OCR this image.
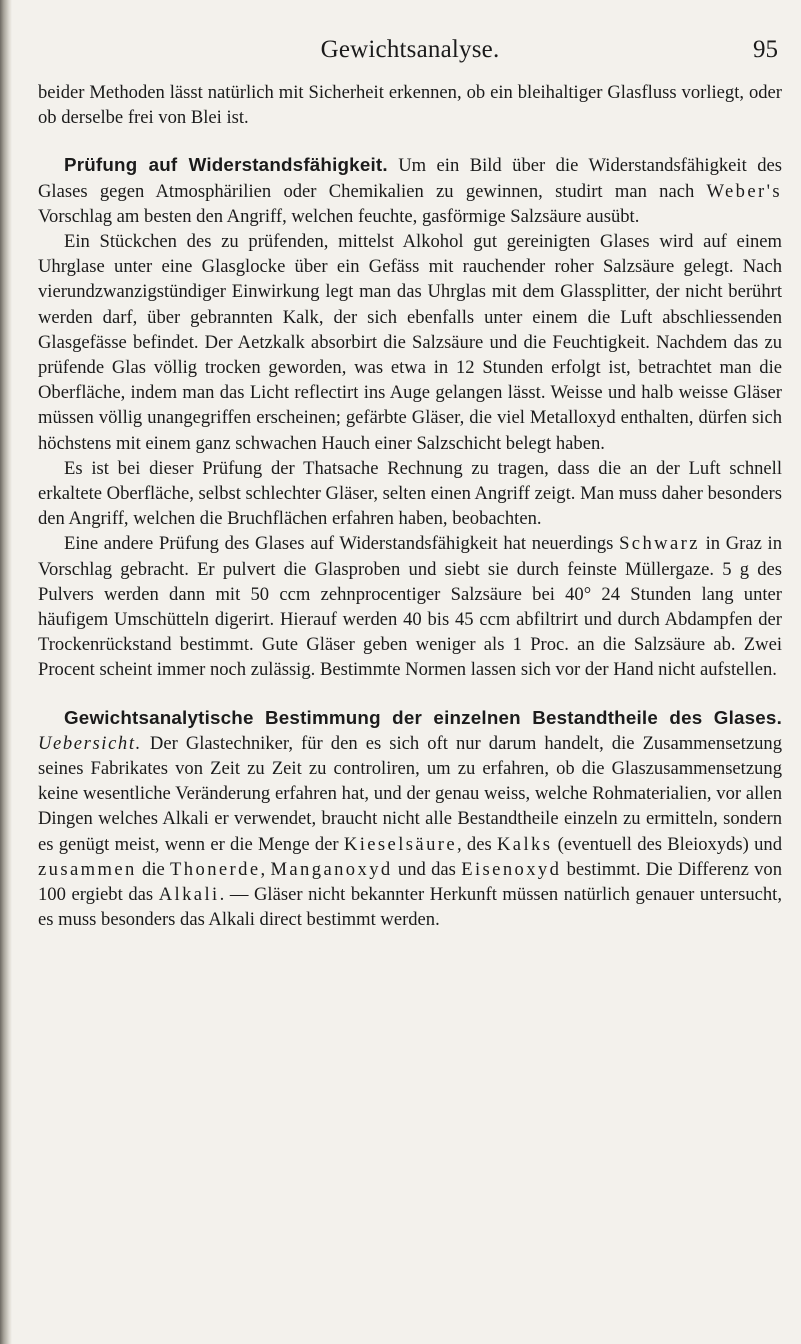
Gewichtsanalyse.	95

beider Methoden lässt natürlich mit Sicherheit erkennen, ob ein bleihaltiger Glasfluss vorliegt, oder ob derselbe frei von Blei ist.

Prüfung auf Widerstandsfähigkeit. Um ein Bild über die Widerstandsfähigkeit des Glases gegen Atmosphärilien oder Chemikalien zu gewinnen, studirt man nach Weber's Vorschlag am besten den Angriff, welchen feuchte, gasförmige Salzsäure ausübt.

Ein Stückchen des zu prüfenden, mittelst Alkohol gut gereinigten Glases wird auf einem Uhrglase unter eine Glasglocke über ein Gefäss mit rauchender roher Salzsäure gelegt. Nach vierundzwanzigstündiger Einwirkung legt man das Uhrglas mit dem Glassplitter, der nicht berührt werden darf, über gebrannten Kalk, der sich ebenfalls unter einem die Luft abschliessenden Glasgefässe befindet. Der Aetzkalk absorbirt die Salzsäure und die Feuchtigkeit. Nachdem das zu prüfende Glas völlig trocken geworden, was etwa in 12 Stunden erfolgt ist, betrachtet man die Oberfläche, indem man das Licht reflectirt ins Auge gelangen lässt. Weisse und halb weisse Gläser müssen völlig unangegriffen erscheinen; gefärbte Gläser, die viel Metalloxyd enthalten, dürfen sich höchstens mit einem ganz schwachen Hauch einer Salzschicht belegt haben.

Es ist bei dieser Prüfung der Thatsache Rechnung zu tragen, dass die an der Luft schnell erkaltete Oberfläche, selbst schlechter Gläser, selten einen Angriff zeigt. Man muss daher besonders den Angriff, welchen die Bruchflächen erfahren haben, beobachten.

Eine andere Prüfung des Glases auf Widerstandsfähigkeit hat neuerdings Schwarz in Graz in Vorschlag gebracht. Er pulvert die Glasproben und siebt sie durch feinste Müllergaze. 5 g des Pulvers werden dann mit 50 ccm zehnprocentiger Salzsäure bei 40° 24 Stunden lang unter häufigem Umschütteln digerirt. Hierauf werden 40 bis 45 ccm abfiltrirt und durch Abdampfen der Trockenrückstand bestimmt. Gute Gläser geben weniger als 1 Proc. an die Salzsäure ab. Zwei Procent scheint immer noch zulässig. Bestimmte Normen lassen sich vor der Hand nicht aufstellen.

Gewichtsanalytische Bestimmung der einzelnen Bestandtheile des Glases. Uebersicht. Der Glastechniker, für den es sich oft nur darum handelt, die Zusammensetzung seines Fabrikates von Zeit zu Zeit zu controliren, um zu erfahren, ob die Glaszusammensetzung keine wesentliche Veränderung erfahren hat, und der genau weiss, welche Rohmaterialien, vor allen Dingen welches Alkali er verwendet, braucht nicht alle Bestandtheile einzeln zu ermitteln, sondern es genügt meist, wenn er die Menge der Kieselsäure, des Kalks (eventuell des Bleioxyds) und zusammen die Thonerde, Manganoxyd und das Eisenoxyd bestimmt. Die Differenz von 100 ergiebt das Alkali. — Gläser nicht bekannter Herkunft müssen natürlich genauer untersucht, es muss besonders das Alkali direct bestimmt werden.
